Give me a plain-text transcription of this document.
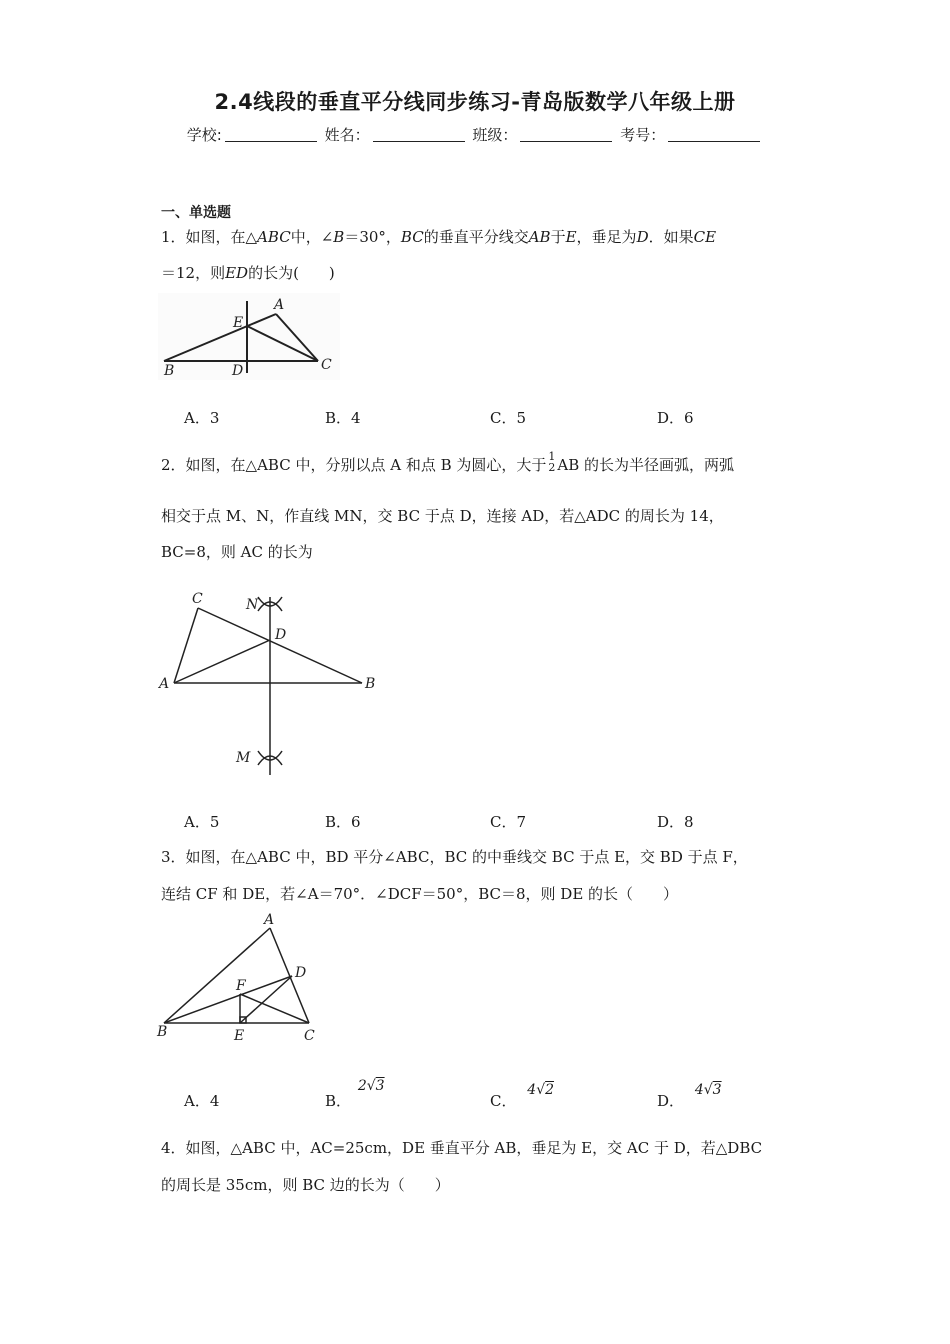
2.4线段的垂直平分线同步练习-青岛版数学八年级上册
学校:	姓名：	班级：	考号：
一、单选题
1．如图，在△ABC中，∠B＝30°，BC的垂直平分线交AB于E，垂足为D．如果CE
＝12，则ED的长为(　　)
A
E
B	D	C
A．3	B．4	C．5	D．6
2．如图，在△ABC 中，分别以点 A 和点 B 为圆心，大于 1
2 AB 的长为半径画弧，两弧
相交于点 M、N，作直线 MN，交 BC 于点 D，连接 AD，若△ADC 的周长为 14，
BC=8，则 AC 的长为
C	N
D
A	B
M
A．5	B．6	C．7	D．8
3．如图，在△ABC 中，BD 平分∠ABC，BC 的中垂线交 BC 于点 E，交 BD 于点 F，
连结 CF 和 DE，若∠A＝70°．∠DCF＝50°，BC＝8，则 DE 的长（　　）
A
D
F
B	E	C
A．4	B． 2√3
C． 4√2
D． 4√3
4．如图，△ABC 中，AC=25cm，DE 垂直平分 AB，垂足为 E，交 AC 于 D，若△DBC
的周长是 35cm，则 BC 边的长为（　　）
